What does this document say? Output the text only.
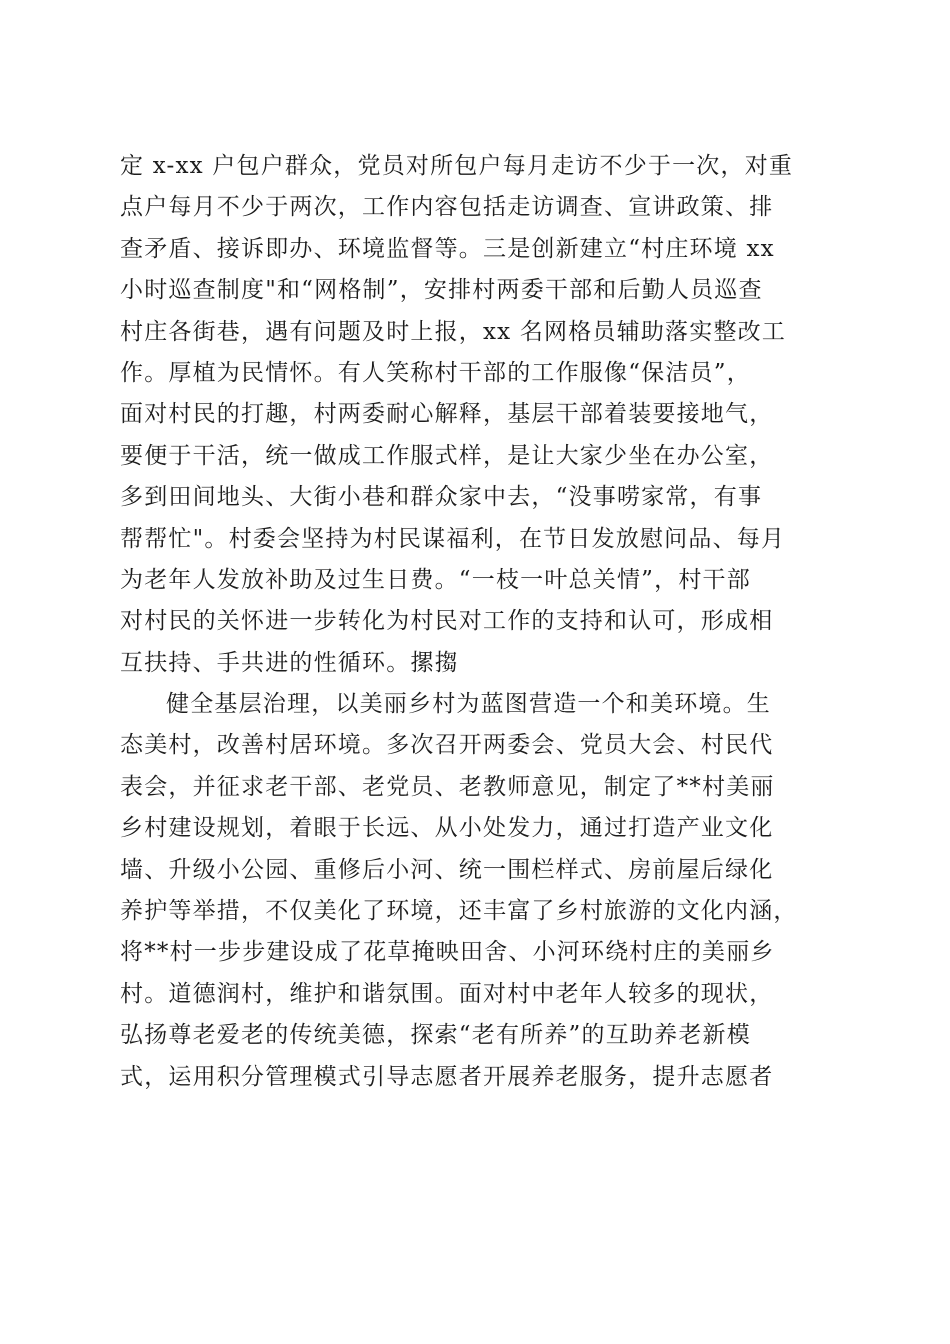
定 x-xx 户包户群众，党员对所包户每月走访不少于一次，对重
点户每月不少于两次，工作内容包括走访调查、宣讲政策、排
查矛盾、接诉即办、环境监督等。三是创新建立“村庄环境 xx
小时巡查制度"和“网格制”，安排村两委干部和后勤人员巡查
村庄各街巷，遇有问题及时上报，xx 名网格员辅助落实整改工
作。厚植为民情怀。有人笑称村干部的工作服像“保洁员”，
面对村民的打趣，村两委耐心解释，基层干部着装要接地气，
要便于干活，统一做成工作服式样，是让大家少坐在办公室，
多到田间地头、大街小巷和群众家中去，“没事唠家常，有事
帮帮忙"。村委会坚持为村民谋福利，在节日发放慰问品、每月
为老年人发放补助及过生日费。“一枝一叶总关情”，村干部
对村民的关怀进一步转化为村民对工作的支持和认可，形成相
互扶持、手共进的性循环。摞搊
健全基层治理，以美丽乡村为蓝图营造一个和美环境。生
态美村，改善村居环境。多次召开两委会、党员大会、村民代
表会，并征求老干部、老党员、老教师意见，制定了**村美丽
乡村建设规划，着眼于长远、从小处发力，通过打造产业文化
墙、升级小公园、重修后小河、统一围栏样式、房前屋后绿化
养护等举措，不仅美化了环境，还丰富了乡村旅游的文化内涵，
将**村一步步建设成了花草掩映田舍、小河环绕村庄的美丽乡
村。道德润村，维护和谐氛围。面对村中老年人较多的现状，
弘扬尊老爱老的传统美德，探索“老有所养”的互助养老新模
式，运用积分管理模式引导志愿者开展养老服务，提升志愿者
